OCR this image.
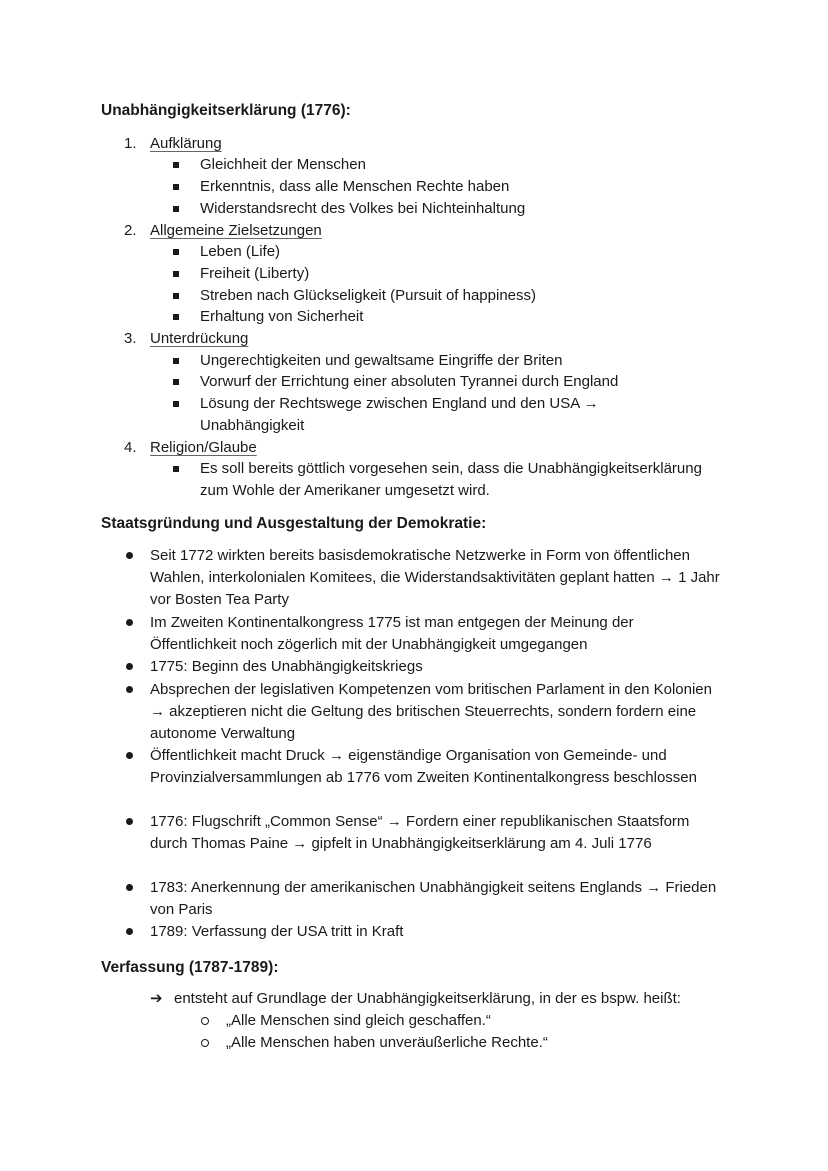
Unabhängigkeitserklärung (1776):
1. Aufklärung
Gleichheit der Menschen
Erkenntnis, dass alle Menschen Rechte haben
Widerstandsrecht des Volkes bei Nichteinhaltung
2. Allgemeine Zielsetzungen
Leben (Life)
Freiheit (Liberty)
Streben nach Glückseligkeit (Pursuit of happiness)
Erhaltung von Sicherheit
3. Unterdrückung
Ungerechtigkeiten und gewaltsame Eingriffe der Briten
Vorwurf der Errichtung einer absoluten Tyrannei durch England
Lösung der Rechtswege zwischen England und den USA → Unabhängigkeit
4. Religion/Glaube
Es soll bereits göttlich vorgesehen sein, dass die Unabhängigkeitserklärung zum Wohle der Amerikaner umgesetzt wird.
Staatsgründung und Ausgestaltung der Demokratie:
Seit 1772 wirkten bereits basisdemokratische Netzwerke in Form von öffentlichen Wahlen, interkolonialen Komitees, die Widerstandsaktivitäten geplant hatten → 1 Jahr vor Bosten Tea Party
Im Zweiten Kontinentalkongress 1775 ist man entgegen der Meinung der Öffentlichkeit noch zögerlich mit der Unabhängigkeit umgegangen
1775: Beginn des Unabhängigkeitskriegs
Absprechen der legislativen Kompetenzen vom britischen Parlament in den Kolonien → akzeptieren nicht die Geltung des britischen Steuerrechts, sondern fordern eine autonome Verwaltung
Öffentlichkeit macht Druck → eigenständige Organisation von Gemeinde- und Provinzialversammlungen ab 1776 vom Zweiten Kontinentalkongress beschlossen
1776: Flugschrift „Common Sense“ → Fordern einer republikanischen Staatsform durch Thomas Paine → gipfelt in Unabhängigkeitserklärung am 4. Juli 1776
1783: Anerkennung der amerikanischen Unabhängigkeit seitens Englands → Frieden von Paris
1789: Verfassung der USA tritt in Kraft
Verfassung (1787-1789):
➔ entsteht auf Grundlage der Unabhängigkeitserklärung, in der es bspw. heißt:
„Alle Menschen sind gleich geschaffen.“
„Alle Menschen haben unveräußerliche Rechte.“
